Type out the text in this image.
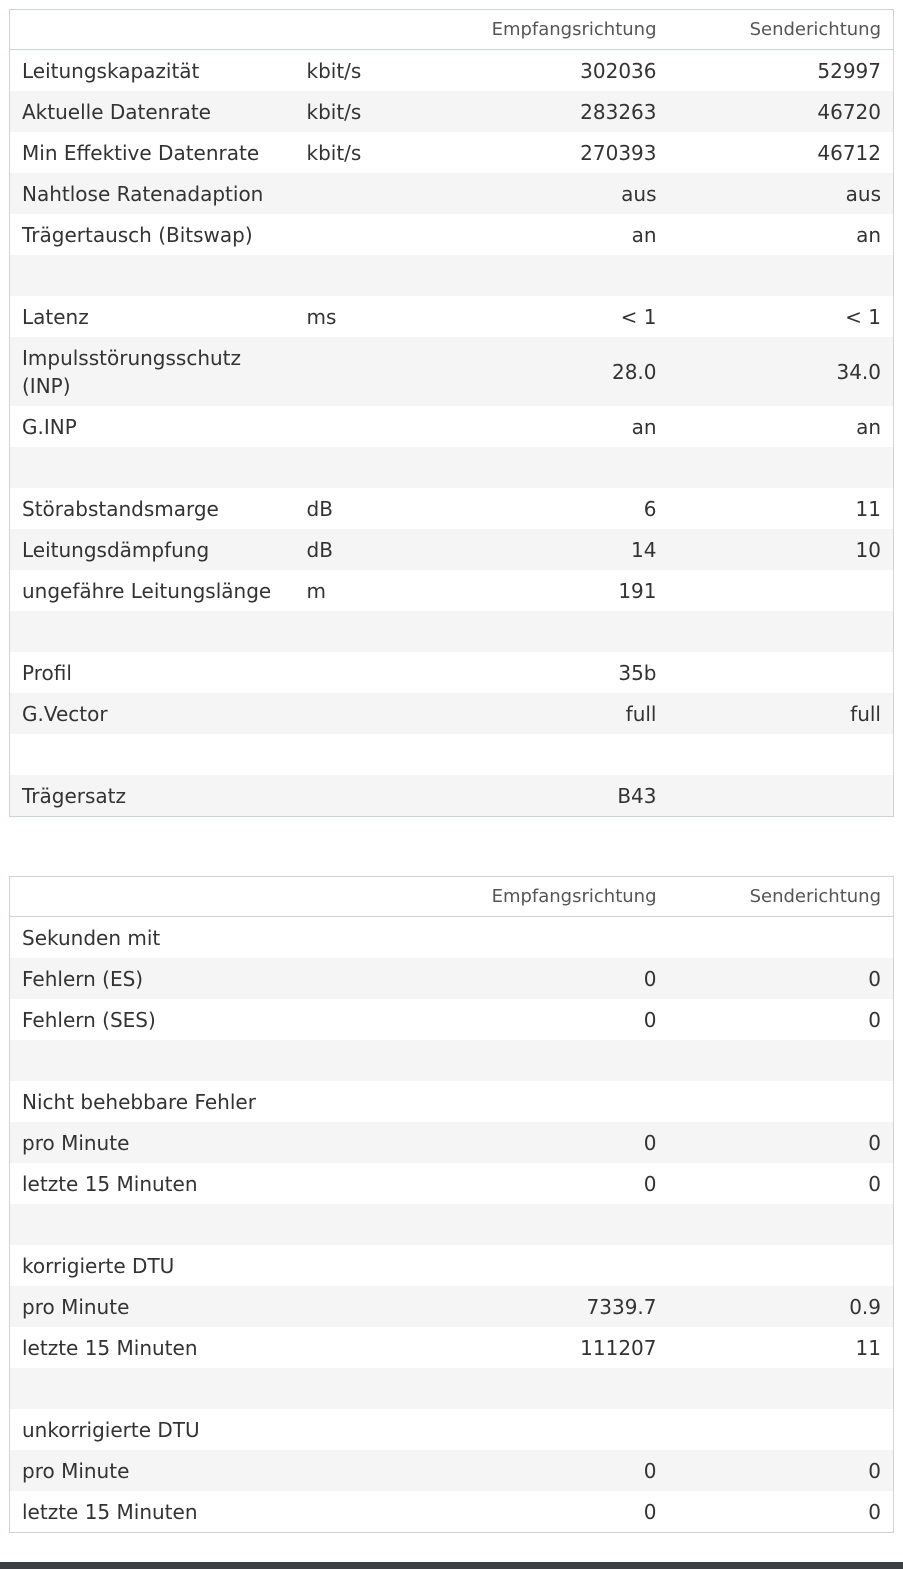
		Empfangsrichtung	Senderichtung
Leitungskapazität	kbit/s	302036	52997
Aktuelle Datenrate	kbit/s	283263	46720
Min Effektive Datenrate	kbit/s	270393	46712
Nahtlose Ratenadaption		aus	aus
Trägertausch (Bitswap)		an	an

Latenz	ms	< 1	< 1
Impulsstörungsschutz (INP)		28.0	34.0
G.INP		an	an

Störabstandsmarge	dB	6	11
Leitungsdämpfung	dB	14	10
ungefähre Leitungslänge	m	191	

Profil		35b	
G.Vector		full	full

Trägersatz		B43	
		Empfangsrichtung	Senderichtung
Sekunden mit			
Fehlern (ES)		0	0
Fehlern (SES)		0	0

Nicht behebbare Fehler			
pro Minute		0	0
letzte 15 Minuten		0	0

korrigierte DTU			
pro Minute		7339.7	0.9
letzte 15 Minuten		111207	11

unkorrigierte DTU			
pro Minute		0	0
letzte 15 Minuten		0	0
